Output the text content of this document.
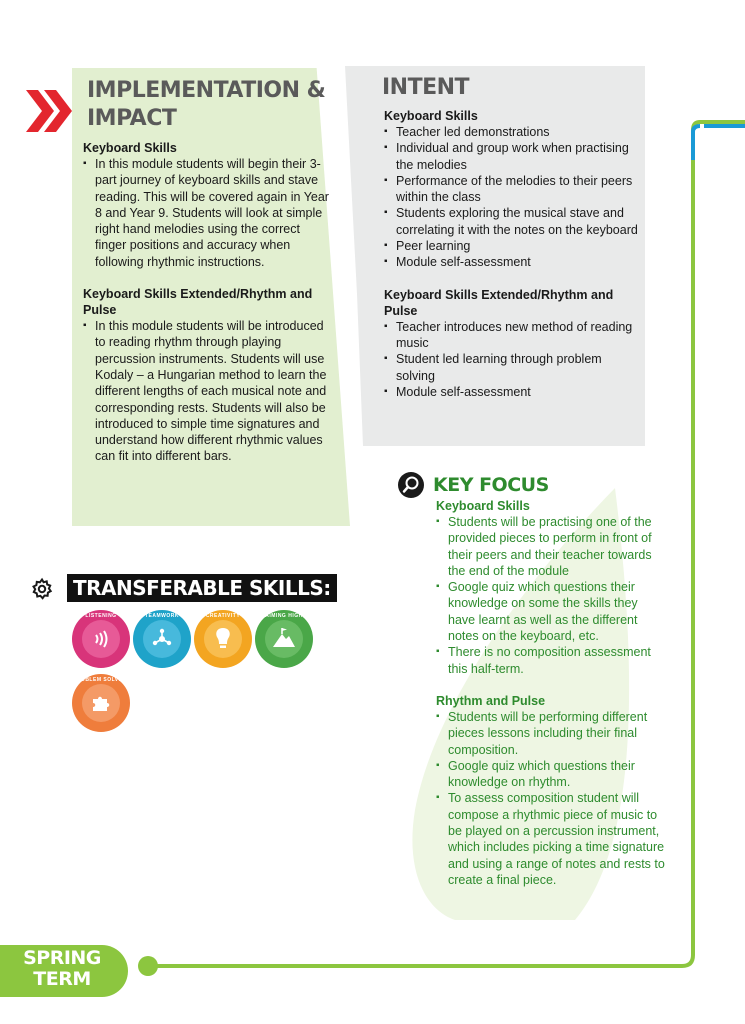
IMPLEMENTATION &
IMPACT

Keyboard Skills

▪ In this module students will begin their 3-part journey of keyboard skills and stave reading. This will be covered again in Year 8 and Year 9. Students will look at simple right hand melodies using the correct finger positions and accuracy when following rhythmic instructions.

Keyboard Skills Extended/Rhythm and Pulse

▪ In this module students will be introduced to reading rhythm through playing percussion instruments. Students will use Kodaly – a Hungarian method to learn the different lengths of each musical note and corresponding rests. Students will also be introduced to simple time signatures and understand how different rhythmic values can fit into different bars.
INTENT

Keyboard Skills

▪ Teacher led demonstrations
▪ Individual and group work when practising the melodies
▪ Performance of the melodies to their peers within the class
▪ Students exploring the musical stave and correlating it with the notes on the keyboard
▪ Peer learning
▪ Module self-assessment

Keyboard Skills Extended/Rhythm and Pulse

▪ Teacher introduces new method of reading music
▪ Student led learning through problem solving
▪ Module self-assessment
KEY FOCUS

Keyboard Skills

▪ Students will be practising one of the provided pieces to perform in front of their peers and their teacher towards the end of the module
▪ Google quiz which questions their knowledge on some the skills they have learnt as well as the different notes on the keyboard, etc.
▪ There is no composition assessment this half-term.

Rhythm and Pulse

▪ Students will be performing different pieces lessons including their final composition.
▪ Google quiz which questions their knowledge on rhythm.
▪ To assess composition student will compose a rhythmic piece of music to be played on a percussion instrument, which includes picking a time signature and using a range of notes and rests to create a final piece.
TRANSFERABLE SKILLS:
LISTENING	TEAMWORK	CREATIVITY	AIMING HIGH
PROBLEM SOLVING
SPRING
TERM
